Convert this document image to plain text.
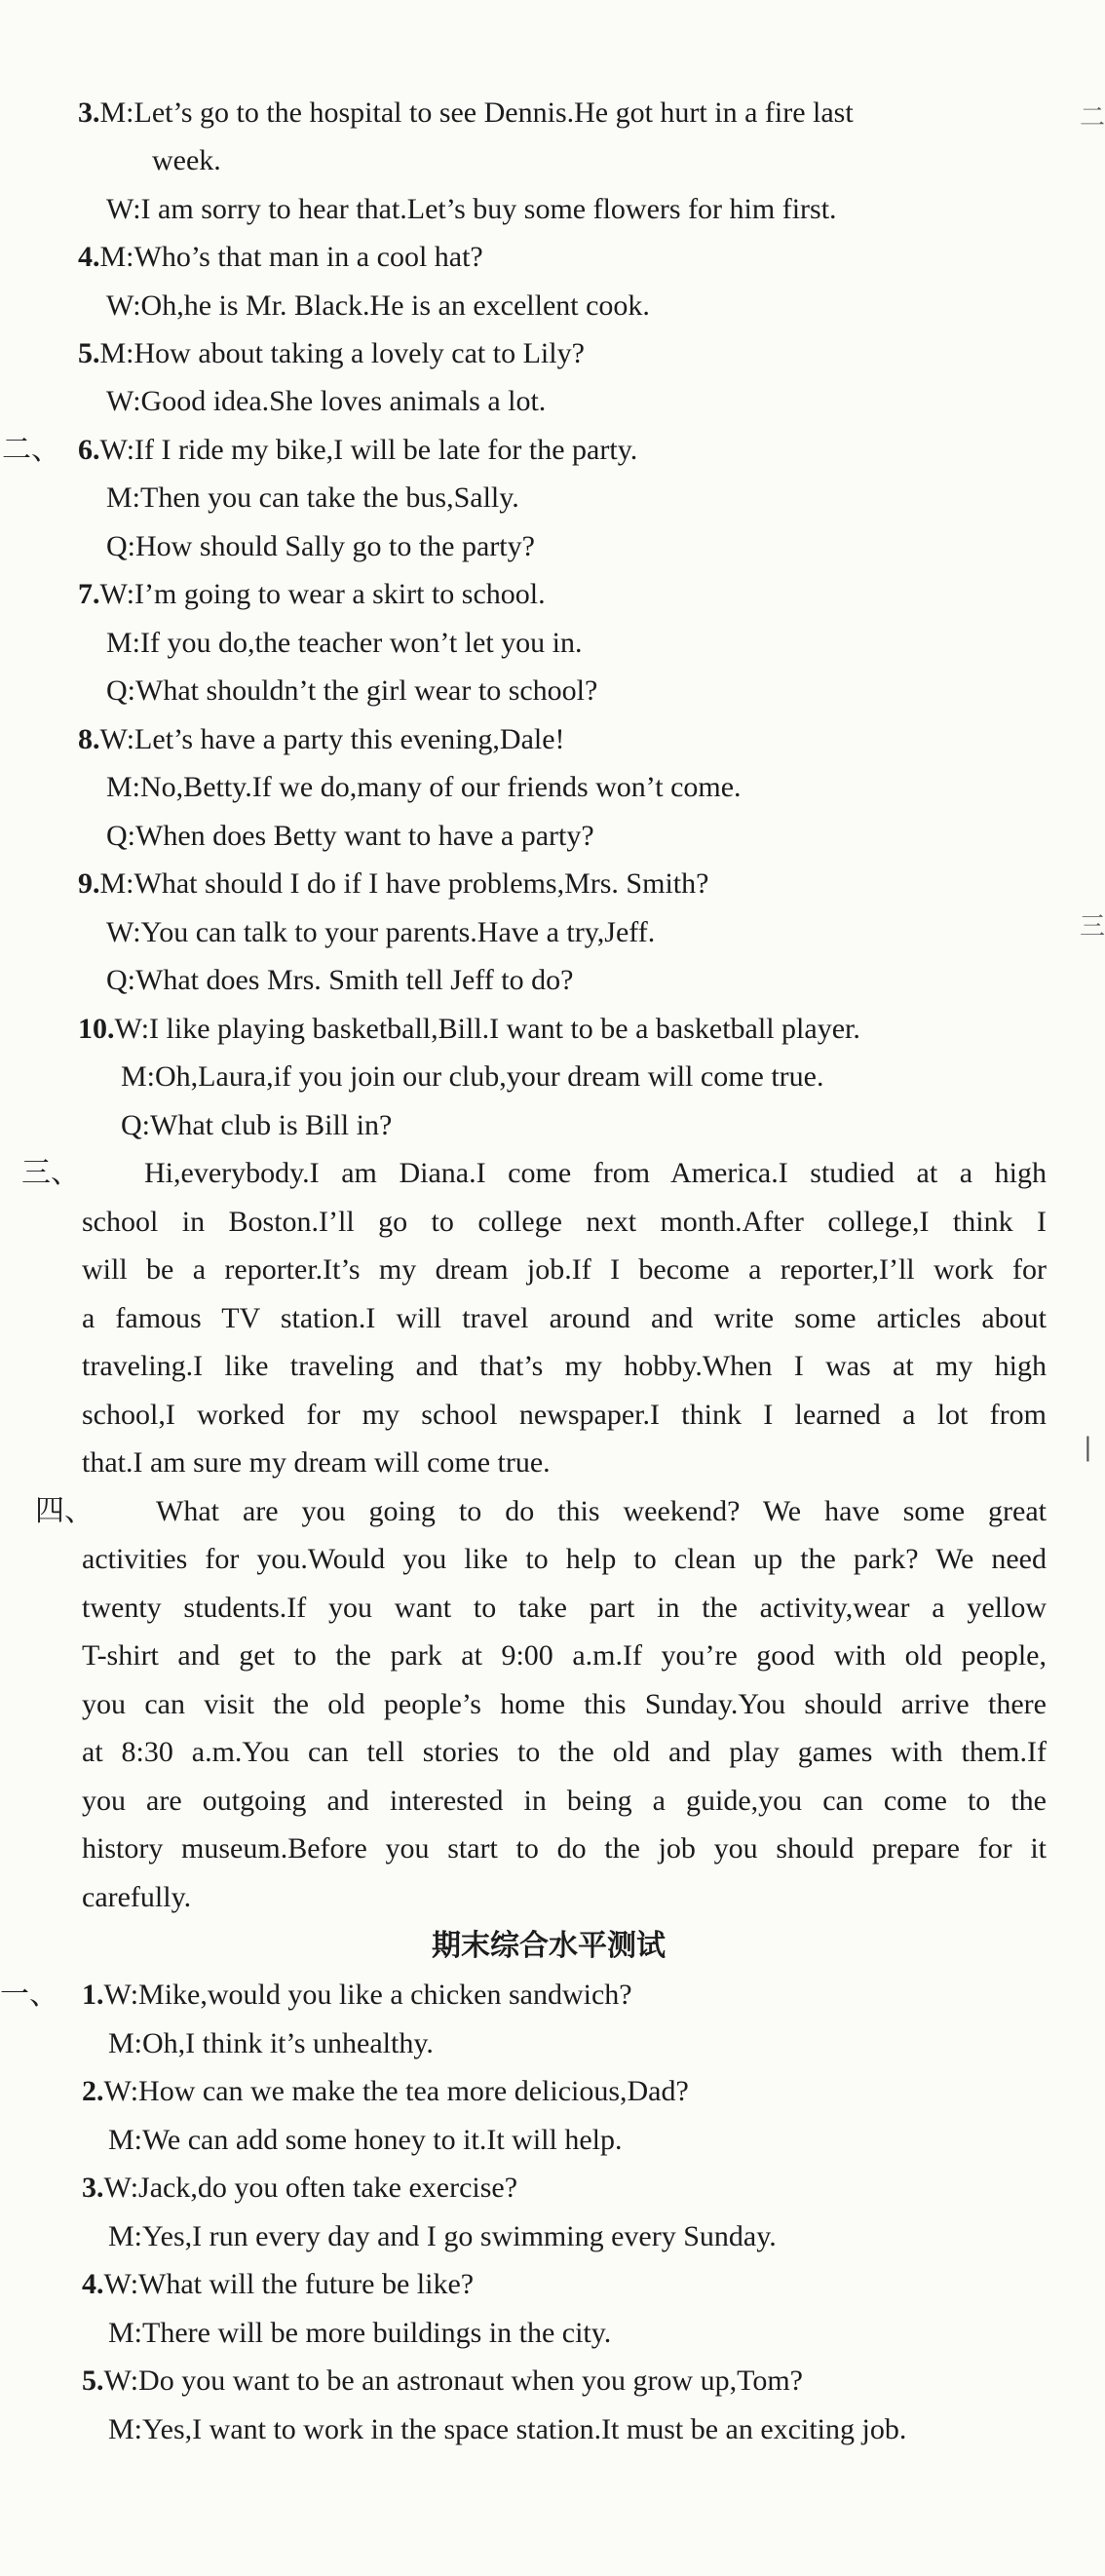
3.M:Let’s go to the hospital to see Dennis.He got hurt in a fire last
week.
W:I am sorry to hear that.Let’s buy some flowers for him first.
4.M:Who’s that man in a cool hat?
W:Oh,he is Mr. Black.He is an excellent cook.
5.M:How about taking a lovely cat to Lily?
W:Good idea.She loves animals a lot.
二、 6.W:If I ride my bike,I will be late for the party.
M:Then you can take the bus,Sally.
Q:How should Sally go to the party?
7.W:I’m going to wear a skirt to school.
M:If you do,the teacher won’t let you in.
Q:What shouldn’t the girl wear to school?
8.W:Let’s have a party this evening,Dale!
M:No,Betty.If we do,many of our friends won’t come.
Q:When does Betty want to have a party?
9.M:What should I do if I have problems,Mrs. Smith?
W:You can talk to your parents.Have a try,Jeff.
Q:What does Mrs. Smith tell Jeff to do?
10.W:I like playing basketball,Bill.I want to be a basketball player.
M:Oh,Laura,if you join our club,your dream will come true.
Q:What club is Bill in?
三、 Hi,everybody.I am Diana.I come from America.I studied at a high
school in Boston.I’ll go to college next month.After college,I think I
will be a reporter.It’s my dream job.If I become a reporter,I’ll work for
a famous TV station.I will travel around and write some articles about
traveling.I like traveling and that’s my hobby.When I was at my high
school,I worked for my school newspaper.I think I learned a lot from
that.I am sure my dream will come true.
四、 What are you going to do this weekend? We have some great
activities for you.Would you like to help to clean up the park? We need
twenty students.If you want to take part in the activity,wear a yellow
T-shirt and get to the park at 9:00 a.m.If you’re good with old people,
you can visit the old people’s home this Sunday.You should arrive there
at 8:30 a.m.You can tell stories to the old and play games with them.If
you are outgoing and interested in being a guide,you can come to the
history museum.Before you start to do the job you should prepare for it
carefully.
期末综合水平测试
一、 1.W:Mike,would you like a chicken sandwich?
M:Oh,I think it’s unhealthy.
2.W:How can we make the tea more delicious,Dad?
M:We can add some honey to it.It will help.
3.W:Jack,do you often take exercise?
M:Yes,I run every day and I go swimming every Sunday.
4.W:What will the future be like?
M:There will be more buildings in the city.
5.W:Do you want to be an astronaut when you grow up,Tom?
M:Yes,I want to work in the space station.It must be an exciting job.
二
三
|
